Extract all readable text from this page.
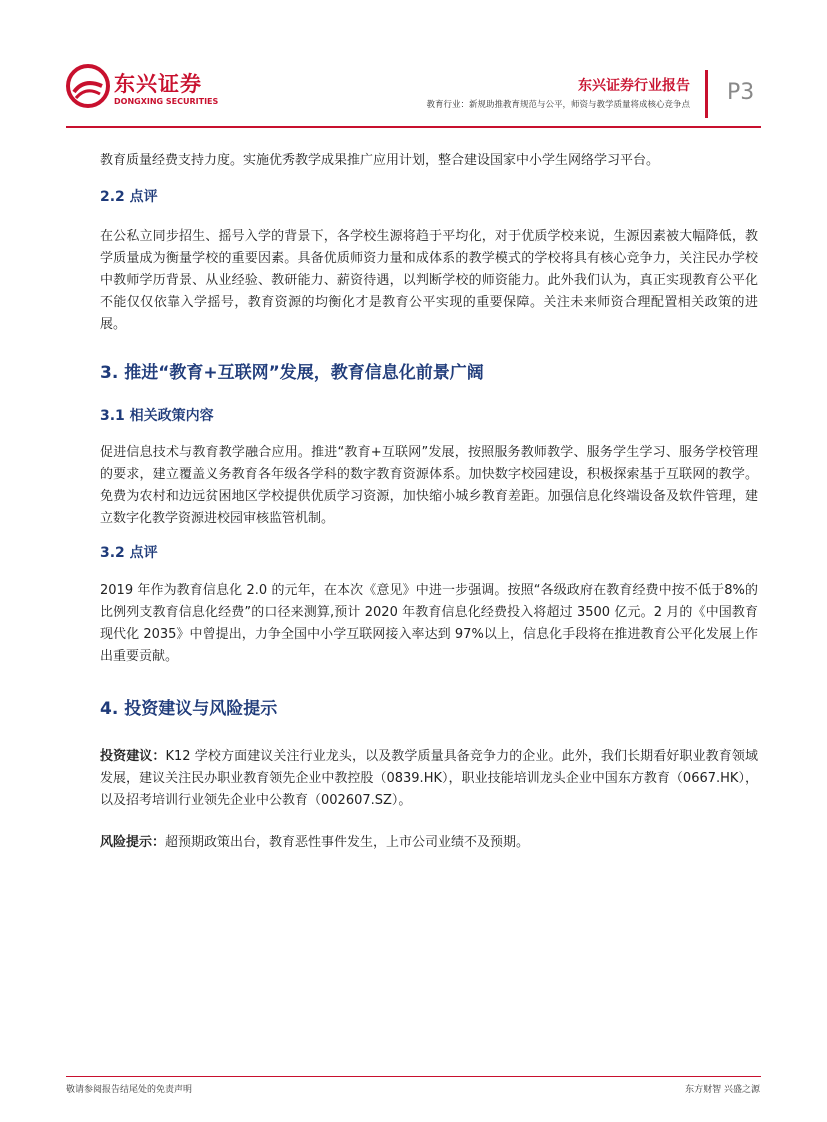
东兴证券
DONGXING SECURITIES
东兴证券行业报告
教育行业：新规助推教育规范与公平，师资与教学质量将成核心竞争点 P3

教育质量经费支持力度。实施优秀教学成果推广应用计划，整合建设国家中小学生网络学习平台。

2.2 点评

在公私立同步招生、摇号入学的背景下，各学校生源将趋于平均化，对于优质学校来说，生源因素被大幅降低，教学质量成为衡量学校的重要因素。具备优质师资力量和成体系的教学模式的学校将具有核心竞争力，关注民办学校中教师学历背景、从业经验、教研能力、薪资待遇，以判断学校的师资能力。此外我们认为，真正实现教育公平化不能仅仅依靠入学摇号，教育资源的均衡化才是教育公平实现的重要保障。关注未来师资合理配置相关政策的进展。

3. 推进“教育+互联网”发展，教育信息化前景广阔
3.1 相关政策内容

促进信息技术与教育教学融合应用。推进“教育+互联网”发展，按照服务教师教学、服务学生学习、服务学校管理的要求，建立覆盖义务教育各年级各学科的数字教育资源体系。加快数字校园建设，积极探索基于互联网的教学。免费为农村和边远贫困地区学校提供优质学习资源，加快缩小城乡教育差距。加强信息化终端设备及软件管理，建立数字化教学资源进校园审核监管机制。

3.2 点评

2019 年作为教育信息化 2.0 的元年，在本次《意见》中进一步强调。按照“各级政府在教育经费中按不低于8%的比例列支教育信息化经费”的口径来测算,预计 2020 年教育信息化经费投入将超过 3500 亿元。2 月的《中国教育现代化 2035》中曾提出，力争全国中小学互联网接入率达到 97%以上，信息化手段将在推进教育公平化发展上作出重要贡献。

4. 投资建议与风险提示

投资建议：K12 学校方面建议关注行业龙头，以及教学质量具备竞争力的企业。此外，我们长期看好职业教育领域发展，建议关注民办职业教育领先企业中教控股（0839.HK），职业技能培训龙头企业中国东方教育（0667.HK），以及招考培训行业领先企业中公教育（002607.SZ）。

风险提示：超预期政策出台，教育恶性事件发生，上市公司业绩不及预期。

敬请参阅报告结尾处的免责声明	东方财智 兴盛之源
